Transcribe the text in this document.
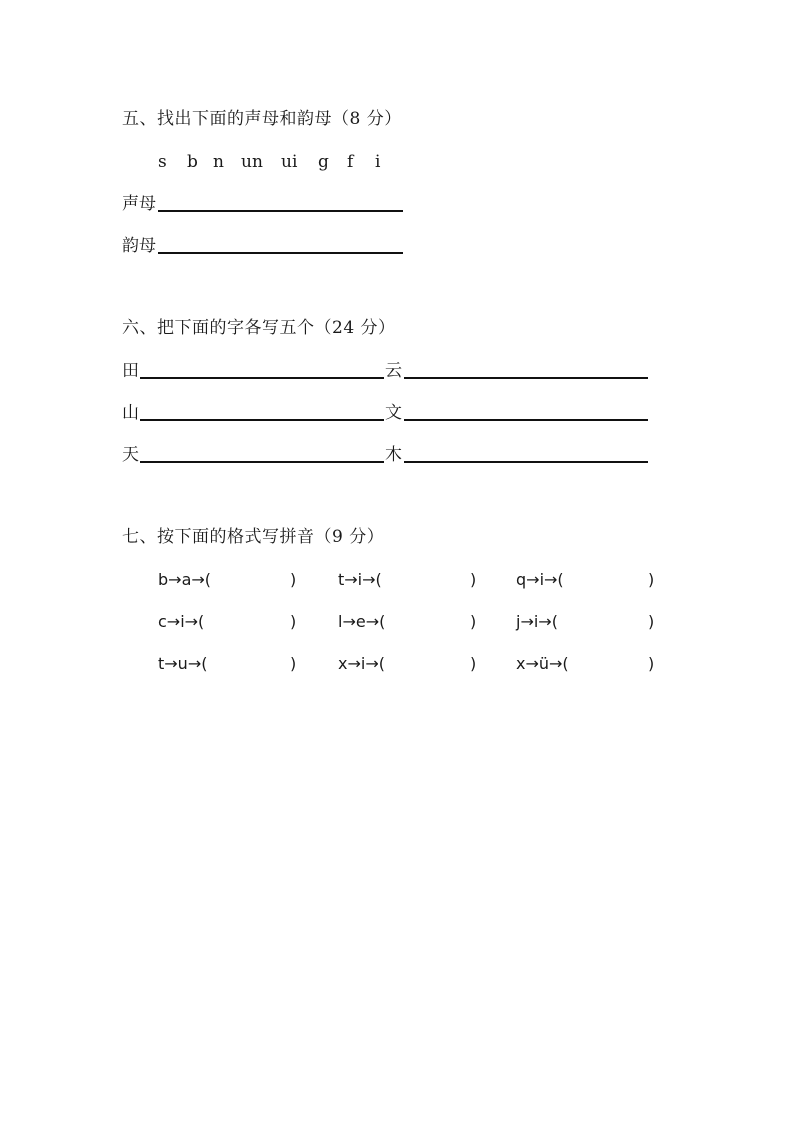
五、找出下面的声母和韵母（8 分）
s b n un ui g f i
声母
韵母
六、把下面的字各写五个（24 分）
田	云
山	文
天	木
七、按下面的格式写拼音（9 分）
b→a→(	)	t→i→(	) q→i→(	)
c→i→(	)	l→e→(	) j→i→(	)
t→u→(	)	x→i→(	) x→ü→(	)
